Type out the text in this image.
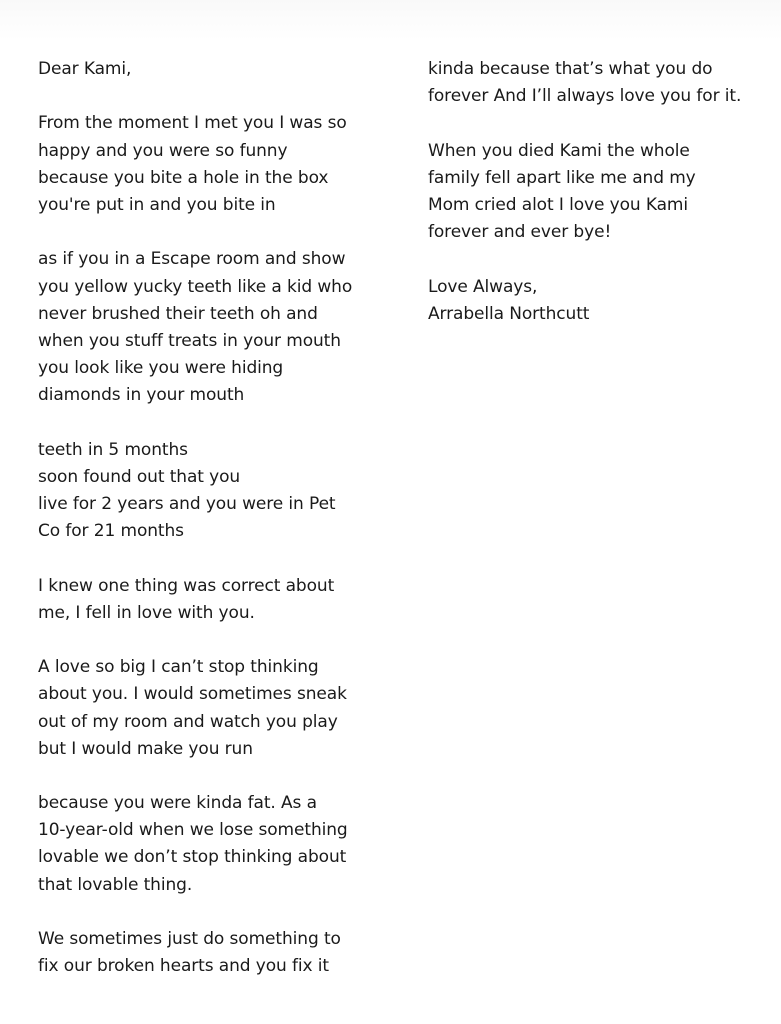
Dear Kami,

From the moment I met you I was so
happy and you were so funny
because you bite a hole in the box
you're put in and you bite in

as if you in a Escape room and show
you yellow yucky teeth like a kid who
never brushed their teeth oh and
when you stuff treats in your mouth
you look like you were hiding
diamonds in your mouth

teeth in 5 months
soon found out that you
live for 2 years and you were in Pet
Co for 21 months

I knew one thing was correct about
me, I fell in love with you.

A love so big I can’t stop thinking
about you. I would sometimes sneak
out of my room and watch you play
but I would make you run

because you were kinda fat. As a
10-year-old when we lose something
lovable we don’t stop thinking about
that lovable thing.

We sometimes just do something to
fix our broken hearts and you fix it

kinda because that’s what you do
forever And I’ll always love you for it.

When you died Kami the whole
family fell apart like me and my
Mom cried alot I love you Kami
forever and ever bye!

Love Always,
Arrabella Northcutt
